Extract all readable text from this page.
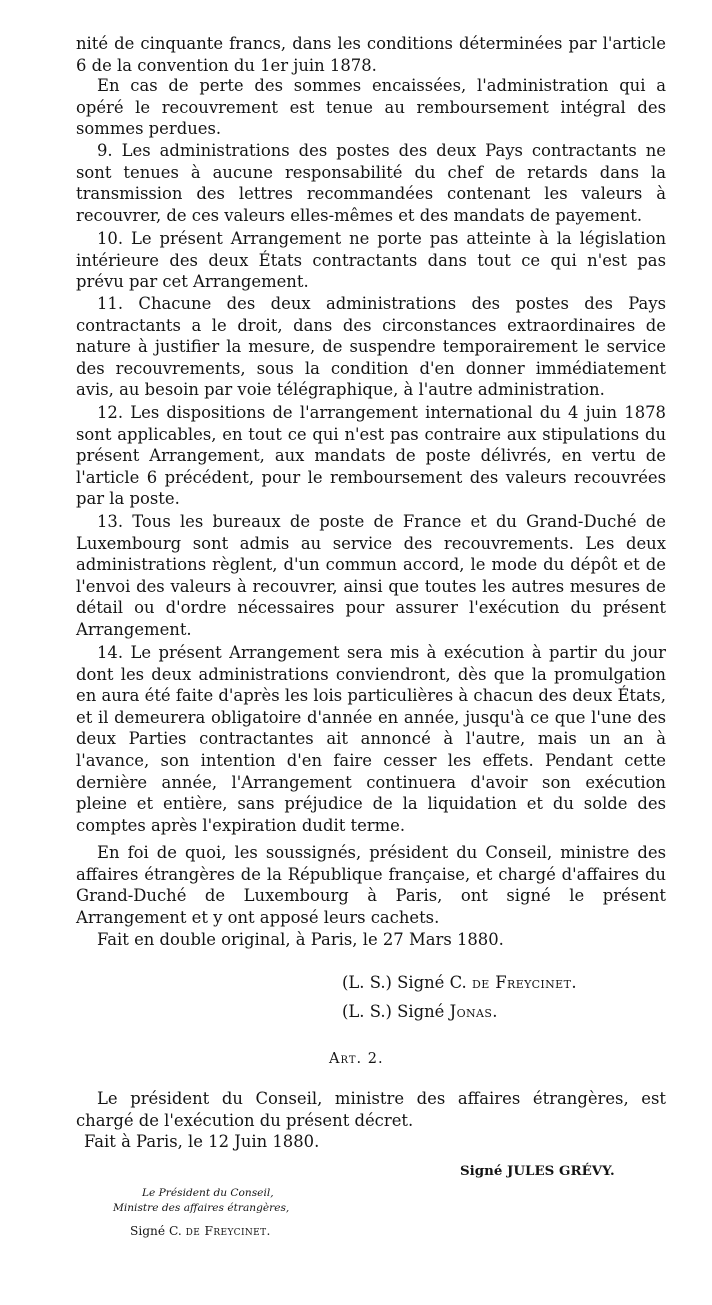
nité de cinquante francs, dans les conditions déterminées par l'article 6 de la convention du 1er juin 1878.

En cas de perte des sommes encaissées, l'administration qui a opéré le recouvrement est tenue au remboursement intégral des sommes perdues.

9. Les administrations des postes des deux Pays contractants ne sont tenues à aucune responsabilité du chef de retards dans la transmission des lettres recommandées contenant les valeurs à recouvrer, de ces valeurs elles-mêmes et des mandats de payement.

10. Le présent Arrangement ne porte pas atteinte à la législation intérieure des deux États contractants dans tout ce qui n'est pas prévu par cet Arrangement.

11. Chacune des deux administrations des postes des Pays contractants a le droit, dans des circonstances extraordinaires de nature à justifier la mesure, de suspendre temporairement le service des recouvrements, sous la condition d'en donner immédiatement avis, au besoin par voie télégraphique, à l'autre administration.

12. Les dispositions de l'arrangement international du 4 juin 1878 sont applicables, en tout ce qui n'est pas contraire aux stipulations du présent Arrangement, aux mandats de poste délivrés, en vertu de l'article 6 précédent, pour le remboursement des valeurs recouvrées par la poste.

13. Tous les bureaux de poste de France et du Grand-Duché de Luxembourg sont admis au service des recouvrements. Les deux administrations règlent, d'un commun accord, le mode du dépôt et de l'envoi des valeurs à recouvrer, ainsi que toutes les autres mesures de détail ou d'ordre nécessaires pour assurer l'exécution du présent Arrangement.

14. Le présent Arrangement sera mis à exécution à partir du jour dont les deux administrations conviendront, dès que la promulgation en aura été faite d'après les lois particulières à chacun des deux États, et il demeurera obligatoire d'année en année, jusqu'à ce que l'une des deux Parties contractantes ait annoncé à l'autre, mais un an à l'avance, son intention d'en faire cesser les effets. Pendant cette dernière année, l'Arrangement continuera d'avoir son exécution pleine et entière, sans préjudice de la liquidation et du solde des comptes après l'expiration dudit terme.

En foi de quoi, les soussignés, président du Conseil, ministre des affaires étrangères de la République française, et chargé d'affaires du Grand-Duché de Luxembourg à Paris, ont signé le présent Arrangement et y ont apposé leurs cachets.

Fait en double original, à Paris, le 27 Mars 1880.

(L. S.) Signé C. de Freycinet.

(L. S.) Signé Jonas.

Art. 2.

Le président du Conseil, ministre des affaires étrangères, est chargé de l'exécution du présent décret.

Fait à Paris, le 12 Juin 1880.

Signé JULES GRÉVY.

Le Président du Conseil,

Ministre des affaires étrangères,

Signé C. de Freycinet.
